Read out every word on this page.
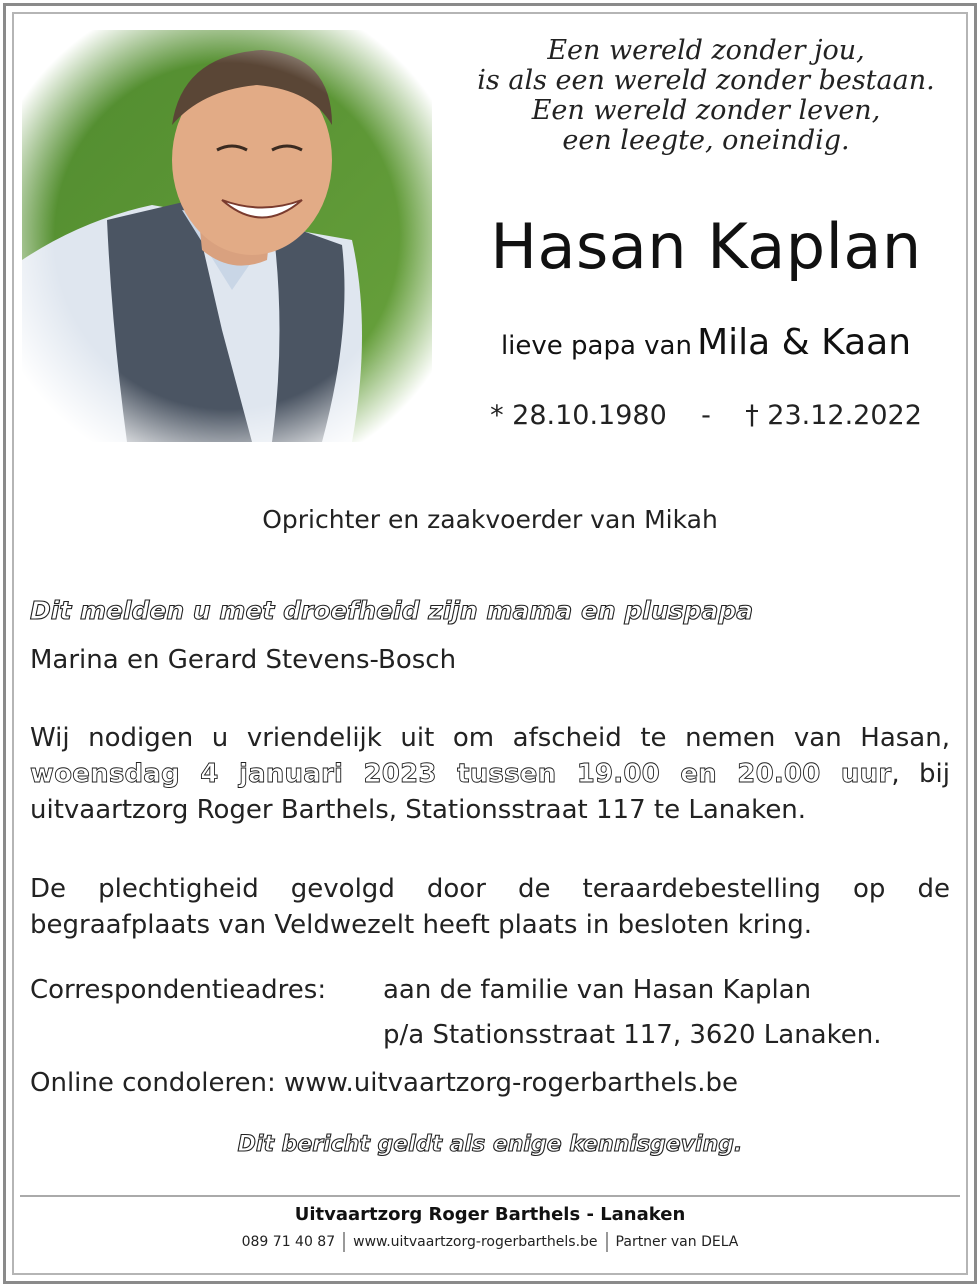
Een wereld zonder jou,
is als een wereld zonder bestaan.
Een wereld zonder leven,
een leegte, oneindig.
Hasan Kaplan
lieve papa van Mila & Kaan
* 28.10.1980 - † 23.12.2022
Oprichter en zaakvoerder van Mikah
Dit melden u met droefheid zijn mama en pluspapa
Marina en Gerard Stevens-Bosch
Wij nodigen u vriendelijk uit om afscheid te nemen van Hasan, woensdag 4 januari 2023 tussen 19.00 en 20.00 uur, bij uitvaartzorg Roger Barthels, Stationsstraat 117 te Lanaken.
De plechtigheid gevolgd door de teraardebestelling op de begraafplaats van Veldwezelt heeft plaats in besloten kring.
Correspondentieadres: aan de familie van Hasan Kaplan
p/a Stationsstraat 117, 3620 Lanaken.
Online condoleren: www.uitvaartzorg-rogerbarthels.be
Dit bericht geldt als enige kennisgeving.
Uitvaartzorg Roger Barthels - Lanaken
089 71 40 87 www.uitvaartzorg-rogerbarthels.be Partner van DELA
